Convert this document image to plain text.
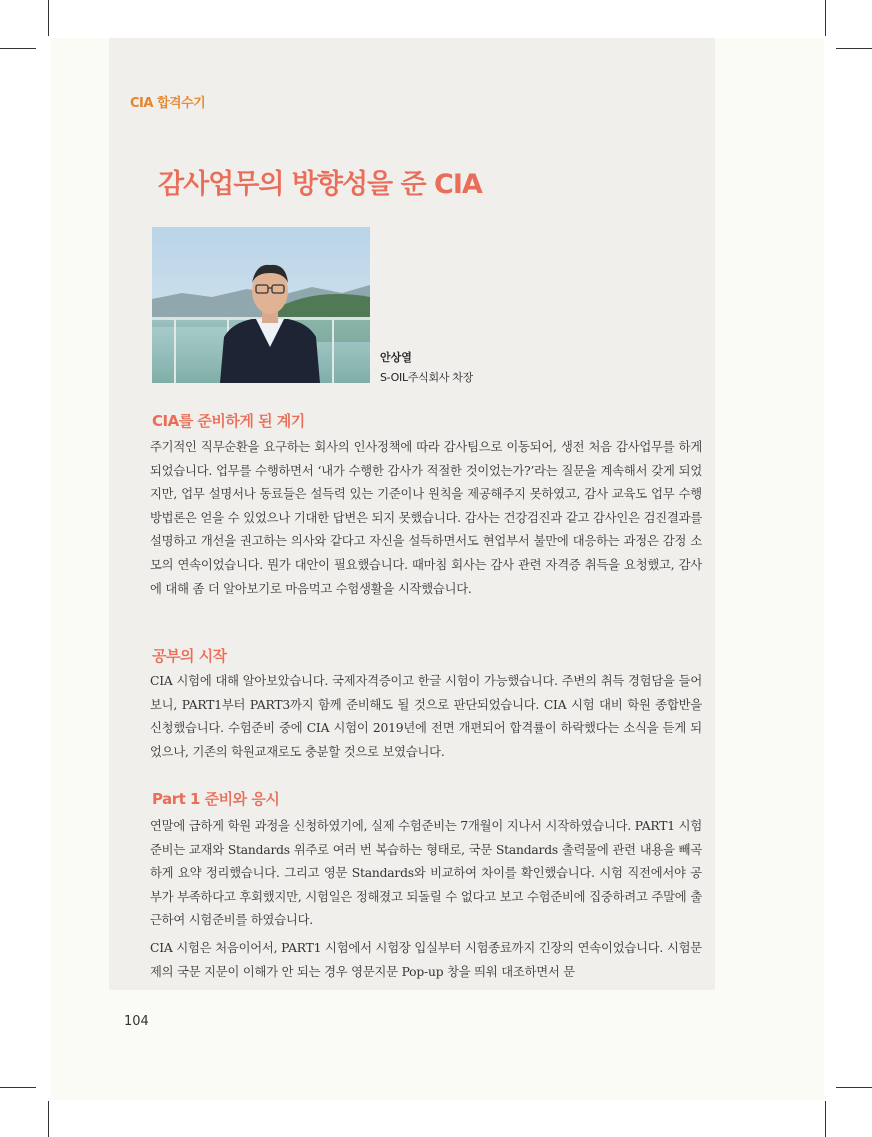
CIA 합격수기
감사업무의 방향성을 준 CIA
안상열
S-OIL주식회사 차장
CIA를 준비하게 된 계기

주기적인 직무순환을 요구하는 회사의 인사정책에 따라 감사팀으로 이동되어, 생전 처음 감사업무를 하게 되었습니다. 업무를 수행하면서 ‘내가 수행한 감사가 적절한 것이었는가?’라는 질문을 계속해서 갖게 되었지만, 업무 설명서나 동료들은 설득력 있는 기준이나 원칙을 제공해주지 못하였고, 감사 교육도 업무 수행 방법론은 얻을 수 있었으나 기대한 답변은 되지 못했습니다. 감사는 건강검진과 같고 감사인은 검진결과를 설명하고 개선을 권고하는 의사와 같다고 자신을 설득하면서도 현업부서 불만에 대응하는 과정은 감정 소모의 연속이었습니다. 뭔가 대안이 필요했습니다. 때마침 회사는 감사 관련 자격증 취득을 요청했고, 감사에 대해 좀 더 알아보기로 마음먹고 수험생활을 시작했습니다.

공부의 시작

CIA 시험에 대해 알아보았습니다. 국제자격증이고 한글 시험이 가능했습니다. 주변의 취득 경험담을 들어보니, PART1부터 PART3까지 함께 준비해도 될 것으로 판단되었습니다. CIA 시험 대비 학원 종합반을 신청했습니다. 수험준비 중에 CIA 시험이 2019년에 전면 개편되어 합격률이 하락했다는 소식을 듣게 되었으나, 기존의 학원교재로도 충분할 것으로 보였습니다.

Part 1 준비와 응시

연말에 급하게 학원 과정을 신청하였기에, 실제 수험준비는 7개월이 지나서 시작하였습니다. PART1 시험준비는 교재와 Standards 위주로 여러 번 복습하는 형태로, 국문 Standards 출력물에 관련 내용을 빼곡하게 요약 정리했습니다. 그리고 영문 Standards와 비교하여 차이를 확인했습니다. 시험 직전에서야 공부가 부족하다고 후회했지만, 시험일은 정해졌고 되돌릴 수 없다고 보고 수험준비에 집중하려고 주말에 출근하여 시험준비를 하였습니다.

CIA 시험은 처음이어서, PART1 시험에서 시험장 입실부터 시험종료까지 긴장의 연속이었습니다. 시험문제의 국문 지문이 이해가 안 되는 경우 영문지문 Pop-up 창을 띄워 대조하면서 문

104
